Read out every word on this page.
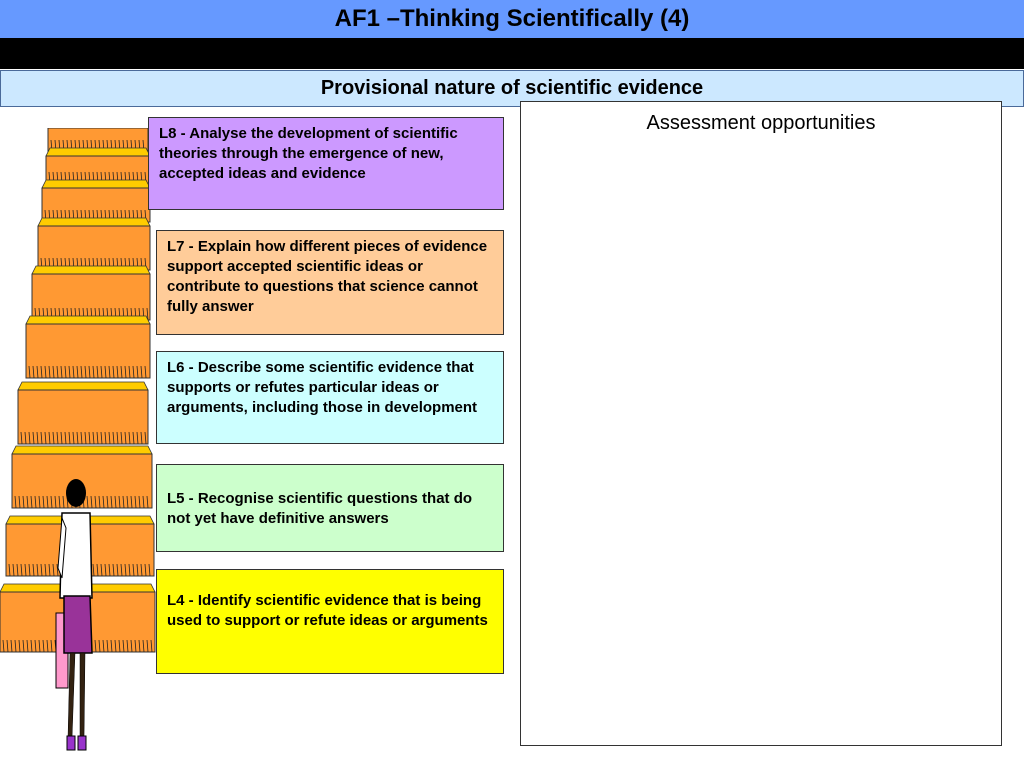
AF1 –Thinking Scientifically (4)
Provisional nature of scientific evidence
L8 - Analyse the development of scientific theories through the emergence of new, accepted ideas and evidence
L7 - Explain how different pieces of evidence support accepted scientific ideas or contribute to questions that science cannot fully answer
L6 - Describe some scientific evidence that supports or refutes particular ideas or arguments, including those in development
L5 - Recognise scientific questions that do not yet have definitive answers
L4 - Identify scientific evidence that is being used to support or refute ideas or arguments
Assessment opportunities
